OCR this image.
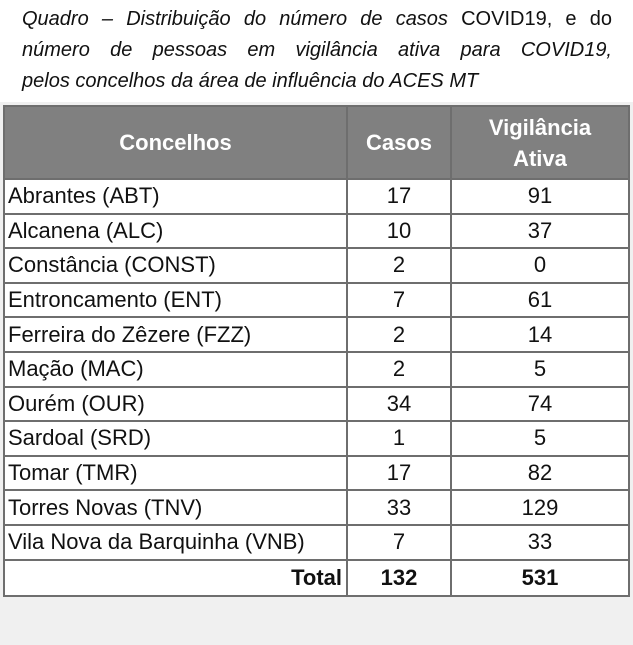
Quadro – Distribuição do número de casos COVID19, e do
número de pessoas em vigilância ativa para COVID19,
pelos concelhos da área de influência do ACES MT
Concelhos	Casos	Vigilância
Ativa

Abrantes (ABT)	17	91
Alcanena (ALC)	10	37
Constância (CONST)	2	0
Entroncamento (ENT)	7	61
Ferreira do Zêzere (FZZ)	2	14
Mação (MAC)	2	5
Ourém (OUR)	34	74
Sardoal (SRD)	1	5
Tomar (TMR)	17	82
Torres Novas (TNV)	33	129
Vila Nova da Barquinha (VNB)	7	33
Total	132	531
